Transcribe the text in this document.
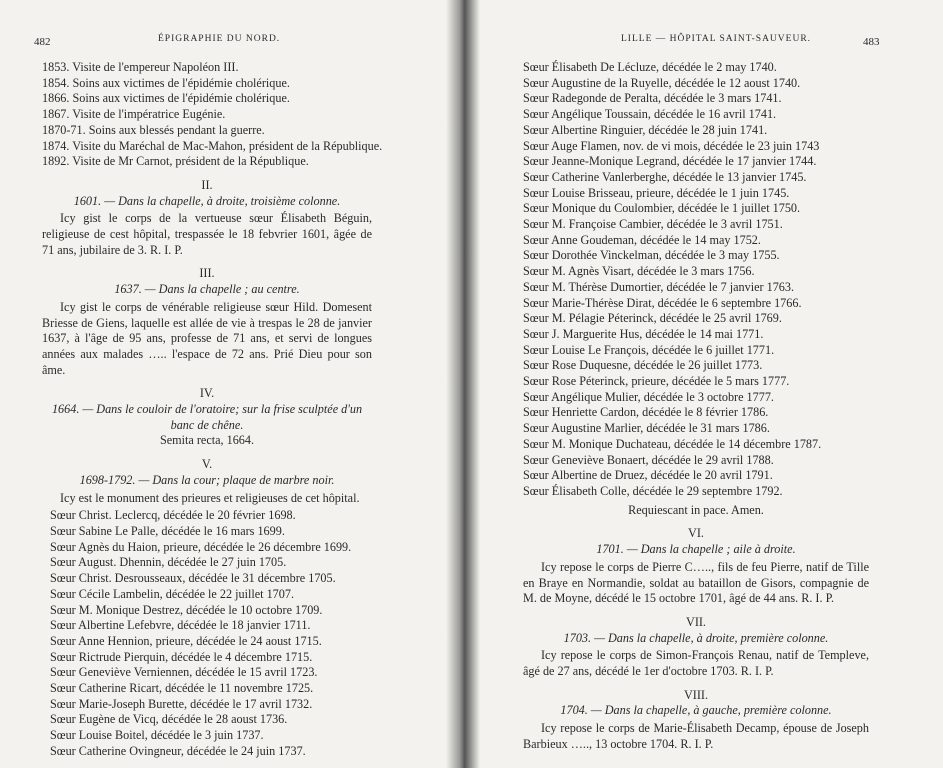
482	ÉPIGRAPHIE DU NORD.
1853. Visite de l'empereur Napoléon III.
1854. Soins aux victimes de l'épidémie cholérique.
1866. Soins aux victimes de l'épidémie cholérique.
1867. Visite de l'impératrice Eugénie.
1870-71. Soins aux blessés pendant la guerre.
1874. Visite du Maréchal de Mac-Mahon, président de la République.
1892. Visite de Mr Carnot, président de la République.
II.
1601. — Dans la chapelle, à droite, troisième colonne.
Icy gist le corps de la vertueuse sœur Élisabeth Béguin, religieuse de cest hôpital, trespassée le 18 febvrier 1601, âgée de 71 ans, jubilaire de 3. R. I. P.
III.
1637. — Dans la chapelle ; au centre.
Icy gist le corps de vénérable religieuse sœur Hild. Domesent Briesse de Giens, laquelle est allée de vie à trespas le 28 de janvier 1637, à l'âge de 95 ans, professe de 71 ans, et servi de longues années aux malades ….. l'espace de 72 ans. Prié Dieu pour son âme.
IV.
1664. — Dans le couloir de l'oratoire; sur la frise sculptée d'un banc de chêne.
Semita recta, 1664.
V.
1698-1792. — Dans la cour; plaque de marbre noir.
Icy est le monument des prieures et religieuses de cet hôpital.
Sœur Christ. Leclercq, décédée le 20 février 1698.
Sœur Sabine Le Palle, décédée le 16 mars 1699.
Sœur Agnès du Haion, prieure, décédée le 26 décembre 1699.
Sœur August. Dhennin, décédée le 27 juin 1705.
Sœur Christ. Desrousseaux, décédée le 31 décembre 1705.
Sœur Cécile Lambelin, décédée le 22 juillet 1707.
Sœur M. Monique Destrez, décédée le 10 octobre 1709.
Sœur Albertine Lefebvre, décédée le 18 janvier 1711.
Sœur Anne Hennion, prieure, décédée le 24 aoust 1715.
Sœur Rictrude Pierquin, décédée le 4 décembre 1715.
Sœur Geneviève Verniennen, décédée le 15 avril 1723.
Sœur Catherine Ricart, décédée le 11 novembre 1725.
Sœur Marie-Joseph Burette, décédée le 17 avril 1732.
Sœur Eugène de Vicq, décédée le 28 aoust 1736.
Sœur Louise Boitel, décédée le 3 juin 1737.
Sœur Catherine Ovingneur, décédée le 24 juin 1737.
LILLE — HÔPITAL SAINT-SAUVEUR.	483
Sœur Élisabeth De Lécluze, décédée le 2 may 1740.
Sœur Augustine de la Ruyelle, décédée le 12 aoust 1740.
Sœur Radegonde de Peralta, décédée le 3 mars 1741.
Sœur Angélique Toussain, décédée le 16 avril 1741.
Sœur Albertine Ringuier, décédée le 28 juin 1741.
Sœur Auge Flamen, nov. de vi mois, décédée le 23 juin 1743
Sœur Jeanne-Monique Legrand, décédée le 17 janvier 1744.
Sœur Catherine Vanlerberghe, décédée le 13 janvier 1745.
Sœur Louise Brisseau, prieure, décédée le 1 juin 1745.
Sœur Monique du Coulombier, décédée le 1 juillet 1750.
Sœur M. Françoise Cambier, décédée le 3 avril 1751.
Sœur Anne Goudeman, décédée le 14 may 1752.
Sœur Dorothée Vinckelman, décédée le 3 may 1755.
Sœur M. Agnès Visart, décédée le 3 mars 1756.
Sœur M. Thérèse Dumortier, décédée le 7 janvier 1763.
Sœur Marie-Thérèse Dirat, décédée le 6 septembre 1766.
Sœur M. Pélagie Péterinck, décédée le 25 avril 1769.
Sœur J. Marguerite Hus, décédée le 14 mai 1771.
Sœur Louise Le François, décédée le 6 juillet 1771.
Sœur Rose Duquesne, décédée le 26 juillet 1773.
Sœur Rose Péterinck, prieure, décédée le 5 mars 1777.
Sœur Angélique Mulier, décédée le 3 octobre 1777.
Sœur Henriette Cardon, décédée le 8 février 1786.
Sœur Augustine Marlier, décédée le 31 mars 1786.
Sœur M. Monique Duchateau, décédée le 14 décembre 1787.
Sœur Geneviève Bonaert, décédée le 29 avril 1788.
Sœur Albertine de Druez, décédée le 20 avril 1791.
Sœur Élisabeth Colle, décédée le 29 septembre 1792.
Requiescant in pace. Amen.
VI.
1701. — Dans la chapelle ; aile à droite.
Icy repose le corps de Pierre C….., fils de feu Pierre, natif de Tille en Braye en Normandie, soldat au bataillon de Gisors, compagnie de M. de Moyne, décédé le 15 octobre 1701, âgé de 44 ans. R. I. P.
VII.
1703. — Dans la chapelle, à droite, première colonne.
Icy repose le corps de Simon-François Renau, natif de Templeve, âgé de 27 ans, décédé le 1er d'octobre 1703. R. I. P.
VIII.
1704. — Dans la chapelle, à gauche, première colonne.
Icy repose le corps de Marie-Élisabeth Decamp, épouse de Joseph Barbieux ….., 13 octobre 1704. R. I. P.
